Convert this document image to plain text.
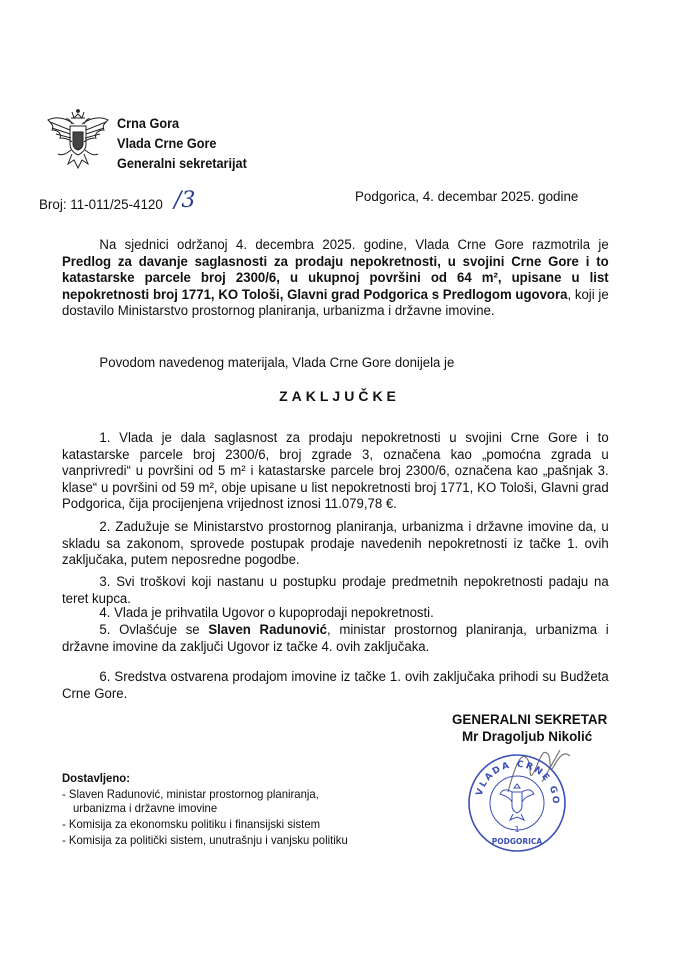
Crna Gora
Vlada Crne Gore
Generalni sekretarijat
Broj: 11-011/25-4120 /3	Podgorica, 4. decembar 2025. godine

Na sjednici održanoj 4. decembra 2025. godine, Vlada Crne Gore razmotrila je Predlog za davanje saglasnosti za prodaju nepokretnosti, u svojini Crne Gore i to katastarske parcele broj 2300/6, u ukupnoj površini od 64 m², upisane u list nepokretnosti broj 1771, KO Tološi, Glavni grad Podgorica s Predlogom ugovora, koji je dostavilo Ministarstvo prostornog planiranja, urbanizma i državne imovine.

Povodom navedenog materijala, Vlada Crne Gore donijela je

ZAKLJUČKE

1. Vlada je dala saglasnost za prodaju nepokretnosti u svojini Crne Gore i to katastarske parcele broj 2300/6, broj zgrade 3, označena kao „pomoćna zgrada u vanprivredi“ u površini od 5 m² i katastarske parcele broj 2300/6, označena kao „pašnjak 3. klase“ u površini od 59 m², obje upisane u list nepokretnosti broj 1771, KO Tološi, Glavni grad Podgorica, čija procijenjena vrijednost iznosi 11.079,78 €.

2. Zadužuje se Ministarstvo prostornog planiranja, urbanizma i državne imovine da, u skladu sa zakonom, sprovede postupak prodaje navedenih nepokretnosti iz tačke 1. ovih zaključaka, putem neposredne pogodbe.

3. Svi troškovi koji nastanu u postupku prodaje predmetnih nepokretnosti padaju na teret kupca.

4. Vlada je prihvatila Ugovor o kupoprodaji nepokretnosti.

5. Ovlašćuje se Slaven Radunović, ministar prostornog planiranja, urbanizma i državne imovine da zaključi Ugovor iz tačke 4. ovih zaključaka.

6. Sredstva ostvarena prodajom imovine iz tačke 1. ovih zaključaka prihodi su Budžeta Crne Gore.

GENERALNI SEKRETAR
Mr Dragoljub Nikolić
VLADA CRNE GO
1
PODGORICA
Dostavljeno:
- Slaven Radunović, ministar prostornog planiranja,
urbanizma i državne imovine
- Komisija za ekonomsku politiku i finansijski sistem
- Komisija za politički sistem, unutrašnju i vanjsku politiku
